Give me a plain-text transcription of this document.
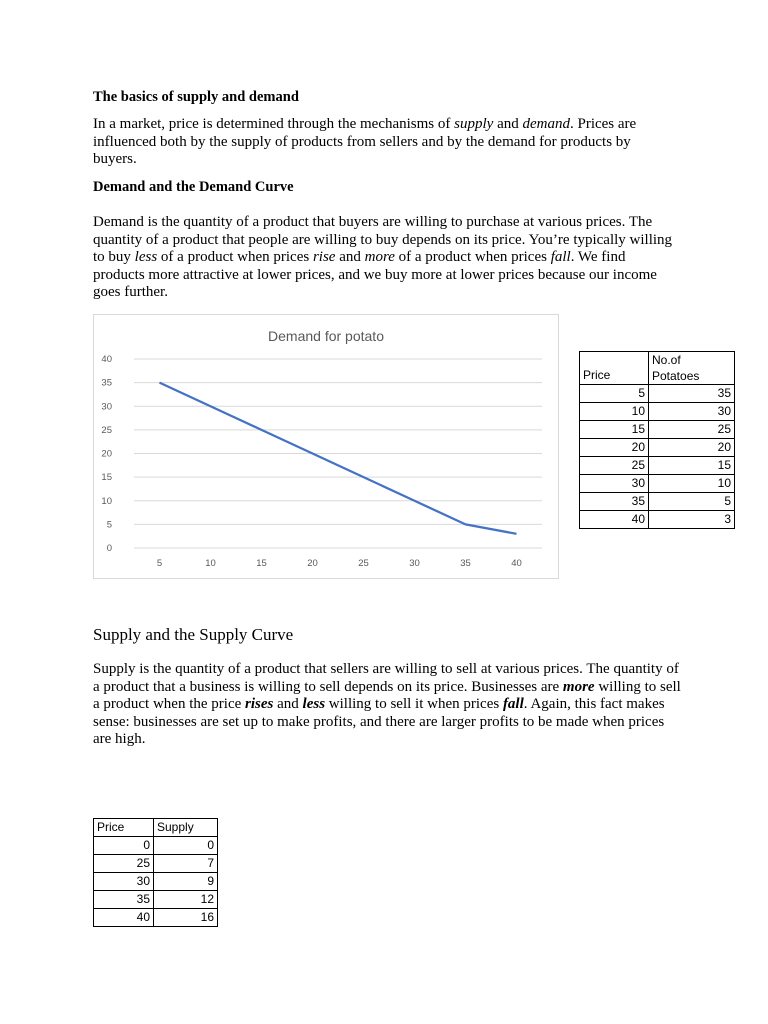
The basics of supply and demand
In a market, price is determined through the mechanisms of supply and demand. Prices are influenced both by the supply of products from sellers and by the demand for products by buyers.
Demand and the Demand Curve
Demand is the quantity of a product that buyers are willing to purchase at various prices. The quantity of a product that people are willing to buy depends on its price. You’re typically willing to buy less of a product when prices rise and more of a product when prices fall. We find products more attractive at lower prices, and we buy more at lower prices because our income goes further.
Demand for potato
0
5
10
15
20
25
30
35
40
5	10	15	20	25	30	35	40
Price	No.of Potatoes
5	35
10	30
15	25
20	20
25	15
30	10
35	5
40	3
Supply and the Supply Curve
Supply is the quantity of a product that sellers are willing to sell at various prices. The quantity of a product that a business is willing to sell depends on its price. Businesses are more willing to sell a product when the price rises and less willing to sell it when prices fall. Again, this fact makes sense: businesses are set up to make profits, and there are larger profits to be made when prices are high.
Price	Supply
0	0
25	7
30	9
35	12
40	16
